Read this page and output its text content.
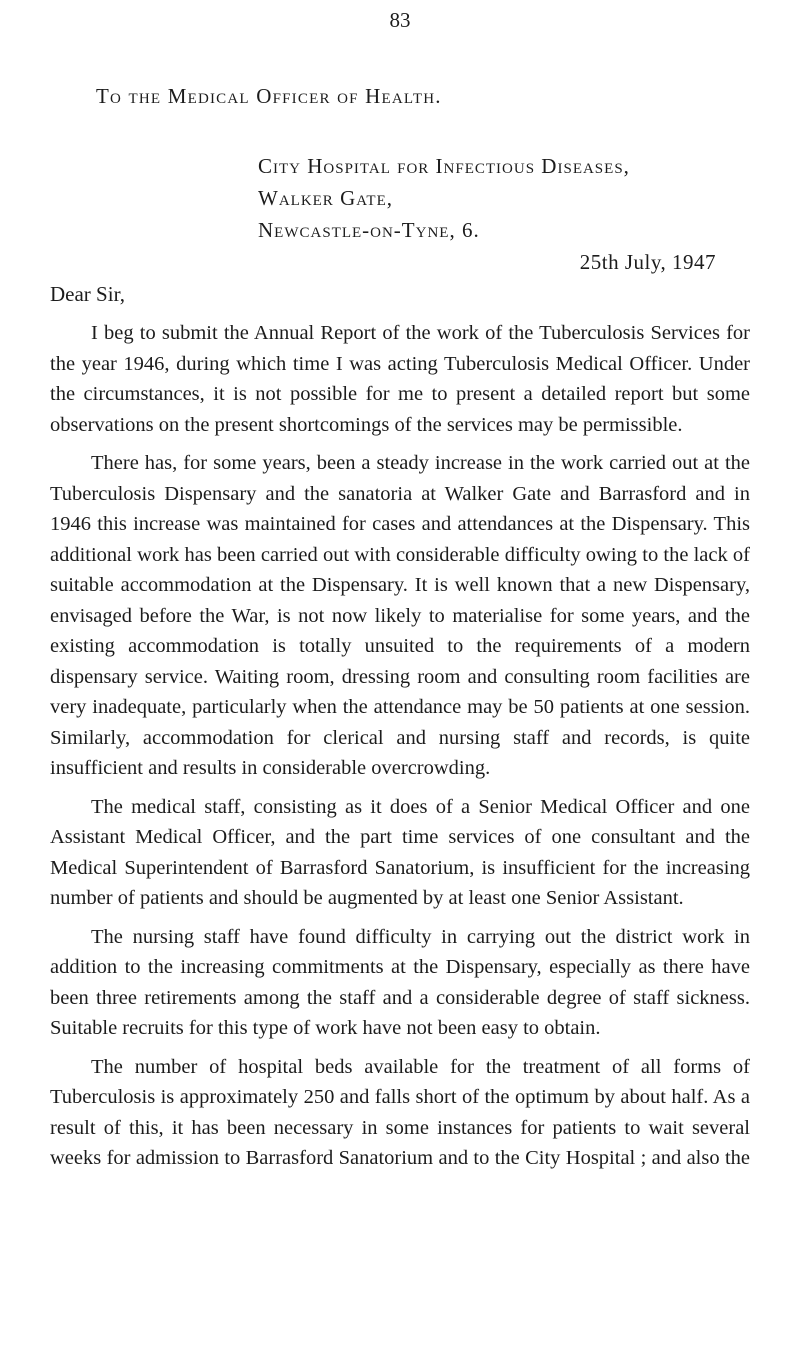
83
To the Medical Officer of Health.
City Hospital for Infectious Diseases,
Walker Gate,
Newcastle-on-Tyne, 6.
25th July, 1947
Dear Sir,

I beg to submit the Annual Report of the work of the Tuberculosis Services for the year 1946, during which time I was acting Tuberculosis Medical Officer. Under the circumstances, it is not possible for me to present a detailed report but some observations on the present shortcomings of the services may be permissible.

There has, for some years, been a steady increase in the work carried out at the Tuberculosis Dispensary and the sanatoria at Walker Gate and Barrasford and in 1946 this increase was maintained for cases and attendances at the Dispensary. This additional work has been carried out with considerable difficulty owing to the lack of suitable accommodation at the Dispensary. It is well known that a new Dispensary, envisaged before the War, is not now likely to materialise for some years, and the existing accommodation is totally unsuited to the requirements of a modern dispensary service. Waiting room, dressing room and consulting room facilities are very inadequate, particularly when the attendance may be 50 patients at one session. Similarly, accommodation for clerical and nursing staff and records, is quite insufficient and results in considerable overcrowding.

The medical staff, consisting as it does of a Senior Medical Officer and one Assistant Medical Officer, and the part time services of one consultant and the Medical Superintendent of Barrasford Sanatorium, is insufficient for the increasing number of patients and should be augmented by at least one Senior Assistant.

The nursing staff have found difficulty in carrying out the district work in addition to the increasing commitments at the Dispensary, especially as there have been three retirements among the staff and a considerable degree of staff sickness. Suitable recruits for this type of work have not been easy to obtain.

The number of hospital beds available for the treatment of all forms of Tuberculosis is approximately 250 and falls short of the optimum by about half. As a result of this, it has been necessary in some instances for patients to wait several weeks for admission to Barrasford Sanatorium and to the City Hospital ; and also the
